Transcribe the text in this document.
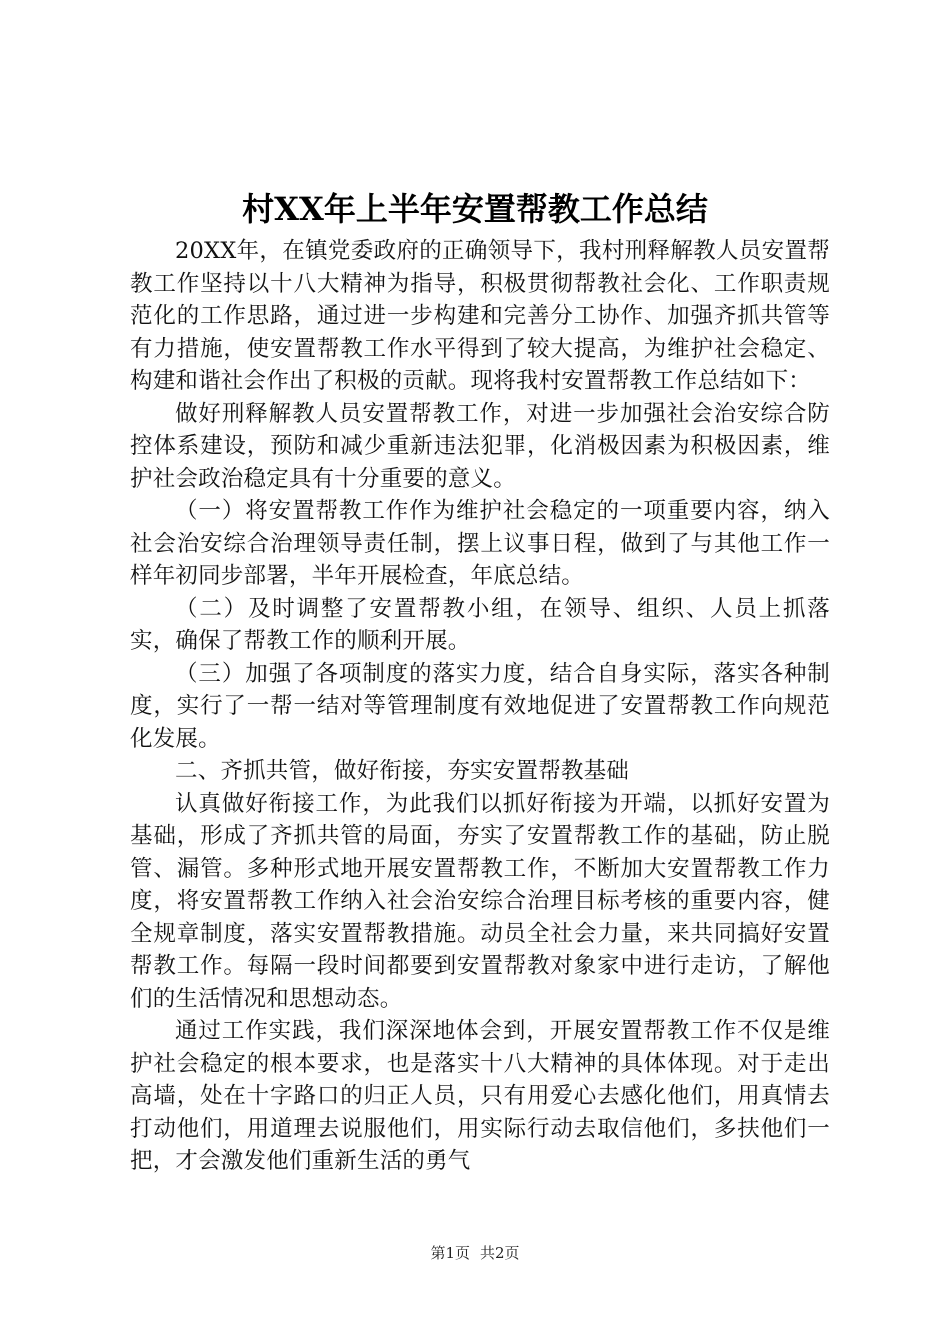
村XX年上半年安置帮教工作总结

20XX年，在镇党委政府的正确领导下，我村刑释解教人员安置帮教工作坚持以十八大精神为指导，积极贯彻帮教社会化、工作职责规范化的工作思路，通过进一步构建和完善分工协作、加强齐抓共管等有力措施，使安置帮教工作水平得到了较大提高，为维护社会稳定、构建和谐社会作出了积极的贡献。现将我村安置帮教工作总结如下：

做好刑释解教人员安置帮教工作，对进一步加强社会治安综合防控体系建设，预防和减少重新违法犯罪，化消极因素为积极因素，维护社会政治稳定具有十分重要的意义。

（一）将安置帮教工作作为维护社会稳定的一项重要内容，纳入社会治安综合治理领导责任制，摆上议事日程，做到了与其他工作一样年初同步部署，半年开展检查，年底总结。

（二）及时调整了安置帮教小组，在领导、组织、人员上抓落实，确保了帮教工作的顺利开展。

（三）加强了各项制度的落实力度，结合自身实际，落实各种制度，实行了一帮一结对等管理制度有效地促进了安置帮教工作向规范化发展。

二、齐抓共管，做好衔接，夯实安置帮教基础

认真做好衔接工作，为此我们以抓好衔接为开端，以抓好安置为基础，形成了齐抓共管的局面，夯实了安置帮教工作的基础，防止脱管、漏管。多种形式地开展安置帮教工作，不断加大安置帮教工作力度，将安置帮教工作纳入社会治安综合治理目标考核的重要内容，健全规章制度，落实安置帮教措施。动员全社会力量，来共同搞好安置帮教工作。每隔一段时间都要到安置帮教对象家中进行走访，了解他们的生活情况和思想动态。

通过工作实践，我们深深地体会到，开展安置帮教工作不仅是维护社会稳定的根本要求，也是落实十八大精神的具体体现。对于走出高墙，处在十字路口的归正人员，只有用爱心去感化他们，用真情去打动他们，用道理去说服他们，用实际行动去取信他们，多扶他们一把，才会激发他们重新生活的勇气

第1页 共2页
